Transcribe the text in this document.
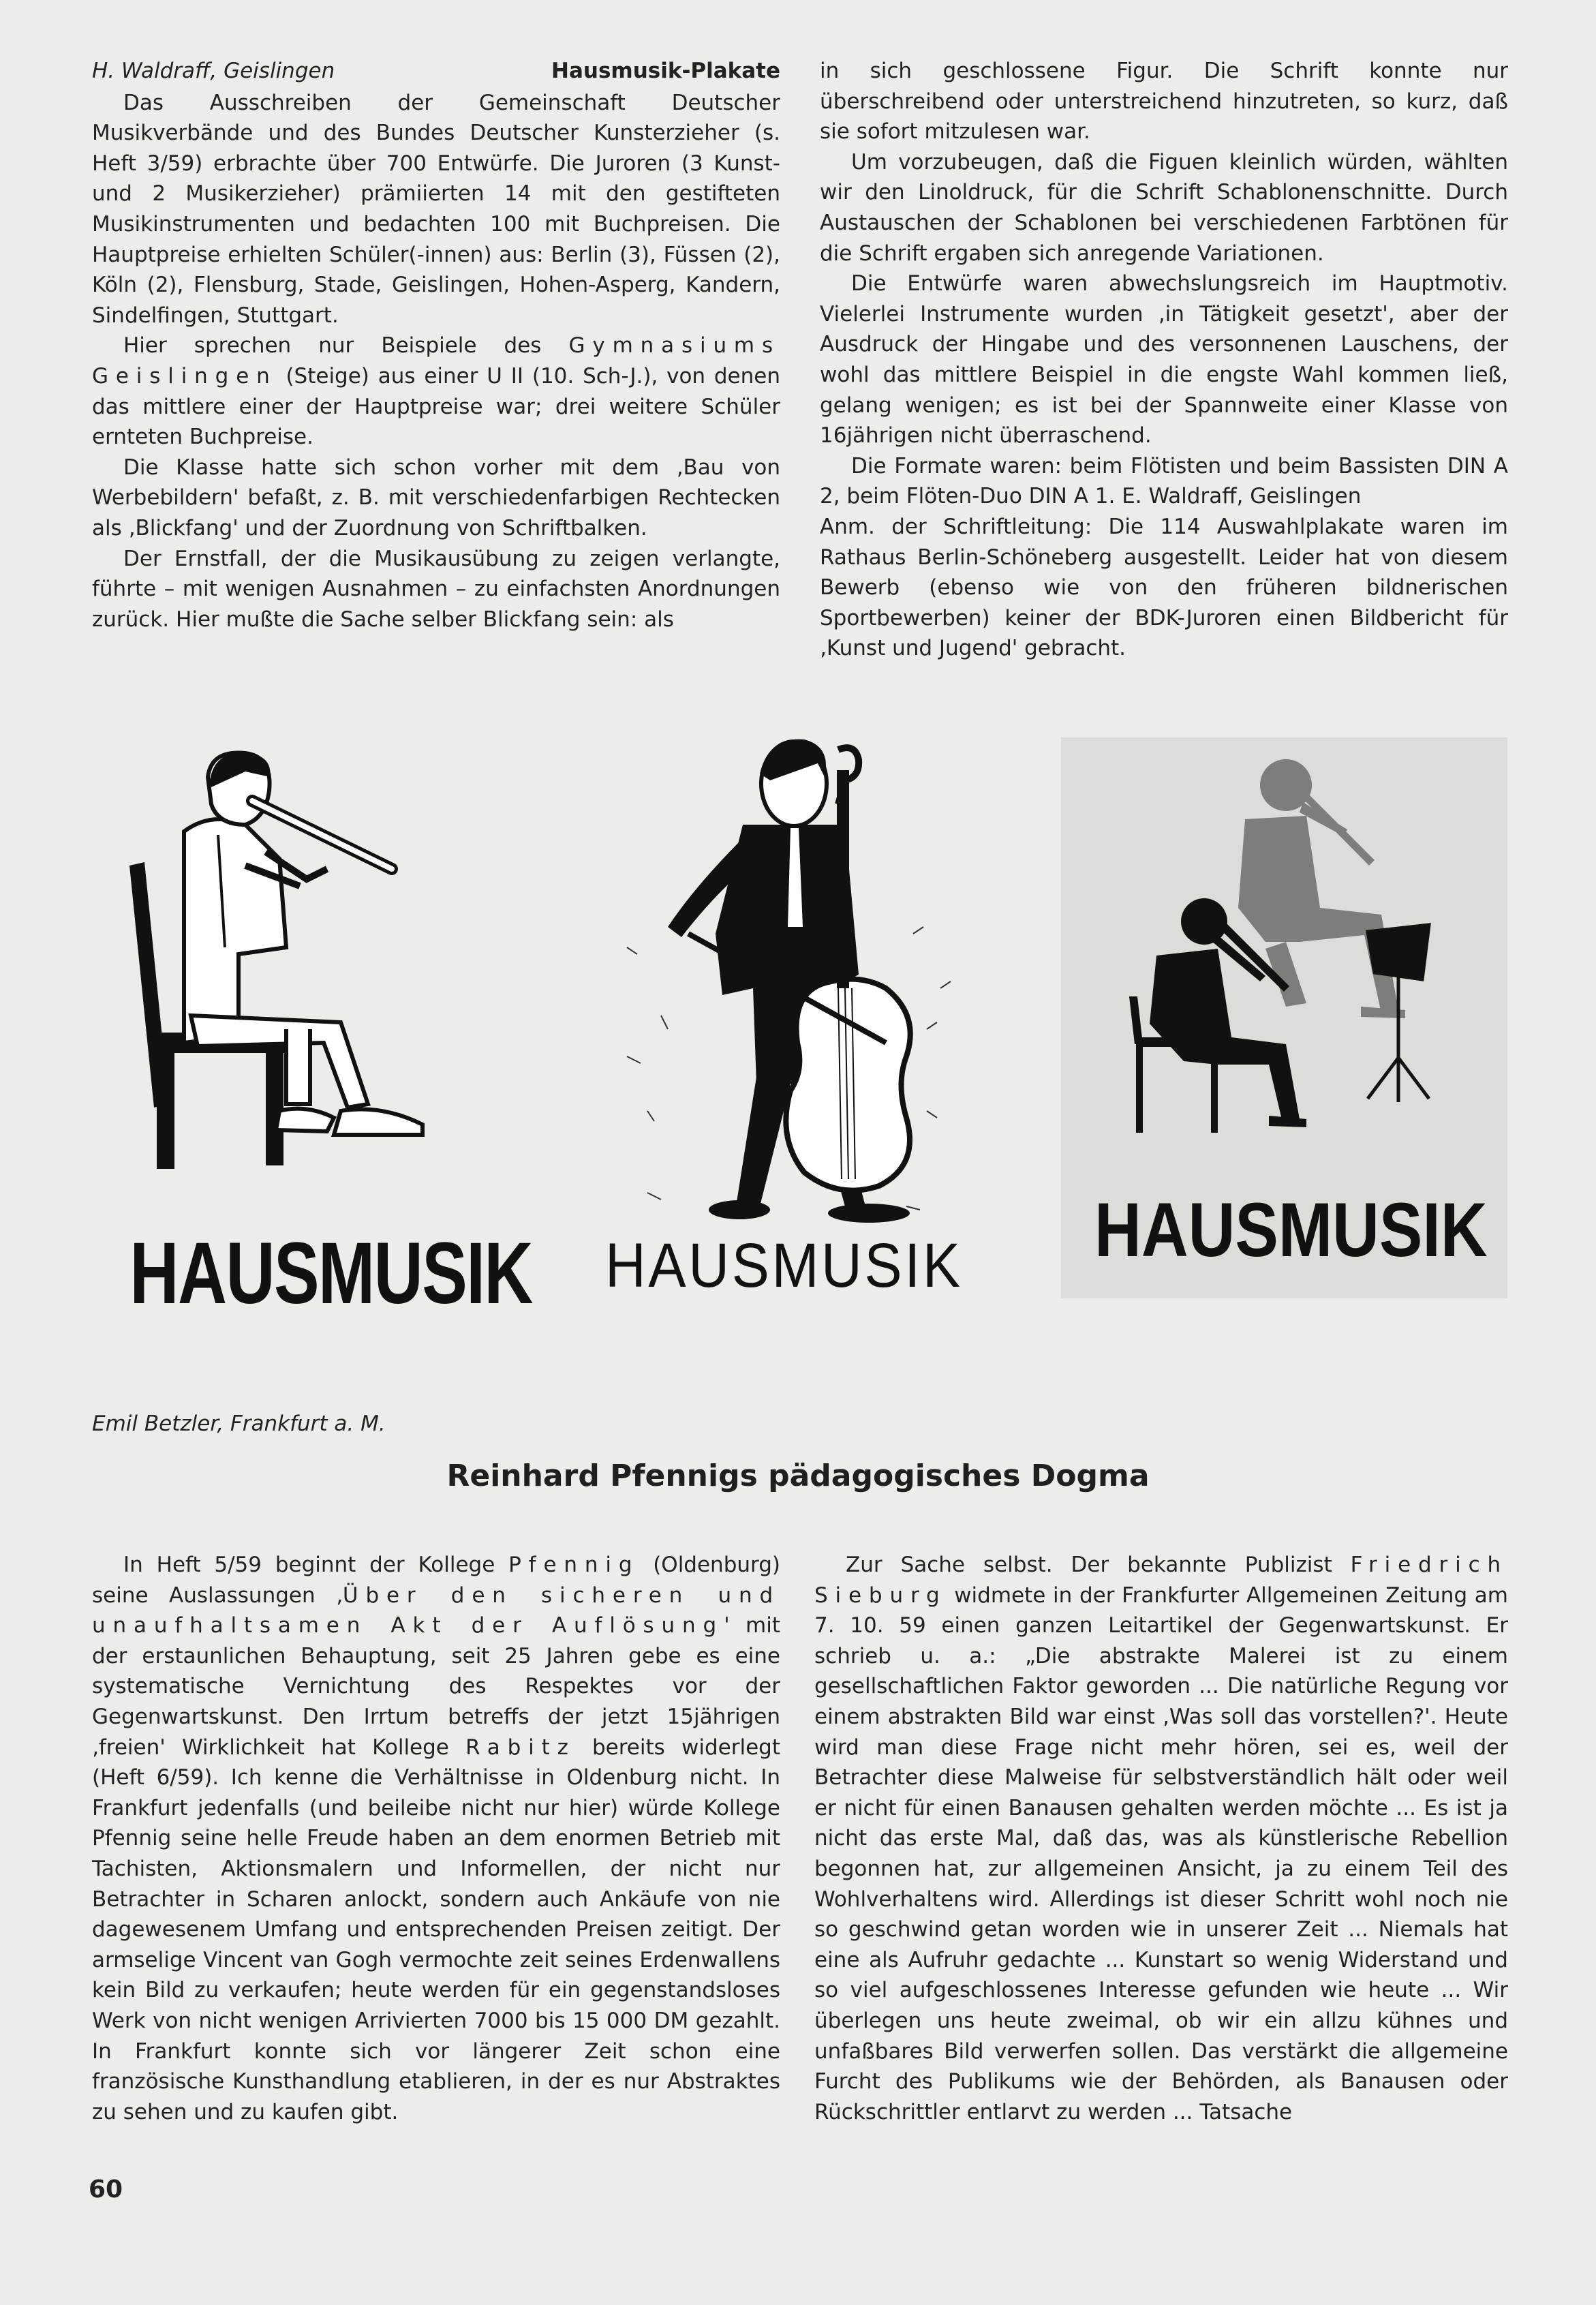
H. Waldraff, Geislingen	Hausmusik-Plakate

Das Ausschreiben der Gemeinschaft Deutscher Musikverbände und des Bundes Deutscher Kunsterzieher (s. Heft 3/59) erbrachte über 700 Entwürfe. Die Juroren (3 Kunst- und 2 Musikerzieher) prämiierten 14 mit den gestifteten Musikinstrumenten und bedachten 100 mit Buchpreisen. Die Hauptpreise erhielten Schüler(-innen) aus: Berlin (3), Füssen (2), Köln (2), Flensburg, Stade, Geislingen, Hohen-Asperg, Kandern, Sindelfingen, Stuttgart.

Hier sprechen nur Beispiele des Gymnasiums Geislingen (Steige) aus einer U II (10. Sch-J.), von denen das mittlere einer der Hauptpreise war; drei weitere Schüler ernteten Buchpreise.

Die Klasse hatte sich schon vorher mit dem ‚Bau von Werbebildern' befaßt, z. B. mit verschiedenfarbigen Rechtecken als ‚Blickfang' und der Zuordnung von Schriftbalken.

Der Ernstfall, der die Musikausübung zu zeigen verlangte, führte – mit wenigen Ausnahmen – zu einfachsten Anordnungen zurück. Hier mußte die Sache selber Blickfang sein: als

in sich geschlossene Figur. Die Schrift konnte nur überschreibend oder unterstreichend hinzutreten, so kurz, daß sie sofort mitzulesen war.

Um vorzubeugen, daß die Figuen kleinlich würden, wählten wir den Linoldruck, für die Schrift Schablonenschnitte. Durch Austauschen der Schablonen bei verschiedenen Farbtönen für die Schrift ergaben sich anregende Variationen.

Die Entwürfe waren abwechslungsreich im Hauptmotiv. Vielerlei Instrumente wurden ‚in Tätigkeit gesetzt', aber der Ausdruck der Hingabe und des versonnenen Lauschens, der wohl das mittlere Beispiel in die engste Wahl kommen ließ, gelang wenigen; es ist bei der Spannweite einer Klasse von 16jährigen nicht überraschend.

Die Formate waren: beim Flötisten und beim Bassisten DIN A 2, beim Flöten-Duo DIN A 1. E. Waldraff, Geislingen

Anm. der Schriftleitung: Die 114 Auswahlplakate waren im Rathaus Berlin-Schöneberg ausgestellt. Leider hat von diesem Bewerb (ebenso wie von den früheren bildnerischen Sportbewerben) keiner der BDK-Juroren einen Bildbericht für ‚Kunst und Jugend' gebracht.

HAUSMUSIK HAUSMUSIK HAUSMUSIK
Emil Betzler, Frankfurt a. M.
Reinhard Pfennigs pädagogisches Dogma

In Heft 5/59 beginnt der Kollege Pfennig (Oldenburg) seine Auslassungen ‚Über den sicheren und unaufhaltsamen Akt der Auflösung' mit der erstaunlichen Behauptung, seit 25 Jahren gebe es eine systematische Vernichtung des Respektes vor der Gegenwartskunst. Den Irrtum betreffs der jetzt 15jährigen ‚freien' Wirklichkeit hat Kollege Rabitz bereits widerlegt (Heft 6/59). Ich kenne die Verhältnisse in Oldenburg nicht. In Frankfurt jedenfalls (und beileibe nicht nur hier) würde Kollege Pfennig seine helle Freude haben an dem enormen Betrieb mit Tachisten, Aktionsmalern und Informellen, der nicht nur Betrachter in Scharen anlockt, sondern auch Ankäufe von nie dagewesenem Umfang und entsprechenden Preisen zeitigt. Der armselige Vincent van Gogh vermochte zeit seines Erdenwallens kein Bild zu verkaufen; heute werden für ein gegenstandsloses Werk von nicht wenigen Arrivierten 7000 bis 15 000 DM gezahlt. In Frankfurt konnte sich vor längerer Zeit schon eine französische Kunsthandlung etablieren, in der es nur Abstraktes zu sehen und zu kaufen gibt.

Zur Sache selbst. Der bekannte Publizist Friedrich Sieburg widmete in der Frankfurter Allgemeinen Zeitung am 7. 10. 59 einen ganzen Leitartikel der Gegenwartskunst. Er schrieb u. a.: „Die abstrakte Malerei ist zu einem gesellschaftlichen Faktor geworden ... Die natürliche Regung vor einem abstrakten Bild war einst ‚Was soll das vorstellen?'. Heute wird man diese Frage nicht mehr hören, sei es, weil der Betrachter diese Malweise für selbstverständlich hält oder weil er nicht für einen Banausen gehalten werden möchte ... Es ist ja nicht das erste Mal, daß das, was als künstlerische Rebellion begonnen hat, zur allgemeinen Ansicht, ja zu einem Teil des Wohlverhaltens wird. Allerdings ist dieser Schritt wohl noch nie so geschwind getan worden wie in unserer Zeit ... Niemals hat eine als Aufruhr gedachte ... Kunstart so wenig Widerstand und so viel aufgeschlossenes Interesse gefunden wie heute ... Wir überlegen uns heute zweimal, ob wir ein allzu kühnes und unfaßbares Bild verwerfen sollen. Das verstärkt die allgemeine Furcht des Publikums wie der Behörden, als Banausen oder Rückschrittler entlarvt zu werden ... Tatsache

60
